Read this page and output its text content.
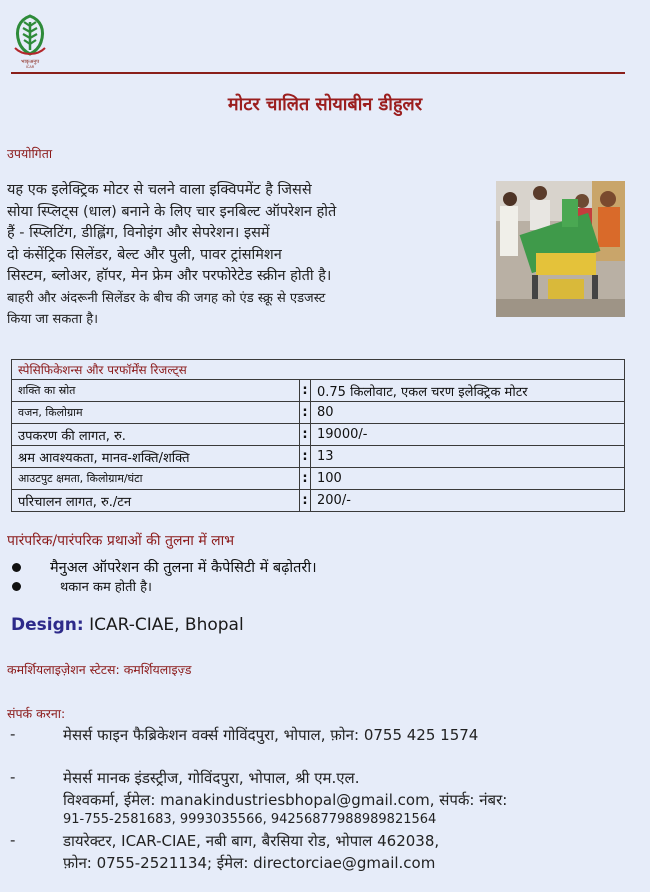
भाकृअनुप
ICAR
मोटर चालित सोयाबीन डीहुलर
उपयोगिता
यह एक इलेक्ट्रिक मोटर से चलने वाला इक्विपमेंट है जिससे
सोया स्प्लिट्स (धाल) बनाने के लिए चार इनबिल्ट ऑपरेशन होते
हैं - स्प्लिटिंग, डीह्लिंग, विनोइंग और सेपरेशन। इसमें
दो कंसेंट्रिक सिलेंडर, बेल्ट और पुली, पावर ट्रांसमिशन
सिस्टम, ब्लोअर, हॉपर, मेन फ्रेम और परफोरेटेड स्क्रीन होती है।
बाहरी और अंदरूनी सिलेंडर के बीच की जगह को एंड स्क्रू से एडजस्ट
किया जा सकता है।
स्पेसिफिकेशन्स और परफॉर्मेंस रिजल्ट्स		
शक्ति का स्रोत	:	0.75 किलोवाट, एकल चरण इलेक्ट्रिक मोटर
वजन, किलोग्राम	:	80
उपकरण की लागत, रु.	:	19000/-
श्रम आवश्यकता, मानव-शक्ति/शक्ति	:	13
आउटपुट क्षमता, किलोग्राम/घंटा	:	100
परिचालन लागत, रु./टन	:	200/-
पारंपरिक/पारंपरिक प्रथाओं की तुलना में लाभ
मैनुअल ऑपरेशन की तुलना में कैपेसिटी में बढ़ोतरी।
थकान कम होती है।
Design: ICAR-CIAE, Bhopal
कमर्शियलाइज़ेशन स्टेटस: कमर्शियलाइज़्ड
संपर्क करना:
-	मेसर्स फाइन फैब्रिकेशन वर्क्स गोविंदपुरा, भोपाल, फ़ोन: 0755 425 1574
-	मेसर्स मानक इंडस्ट्रीज, गोविंदपुरा, भोपाल, श्री एम.एल.
विश्वकर्मा, ईमेल: manakindustriesbhopal@gmail.com, संपर्क: नंबर:
91-755-2581683, 9993035566, 94256877988989821564
-	डायरेक्टर, ICAR-CIAE, नबी बाग, बैरसिया रोड, भोपाल 462038,
फ़ोन: 0755-2521134; ईमेल: directorciae@gmail.com
